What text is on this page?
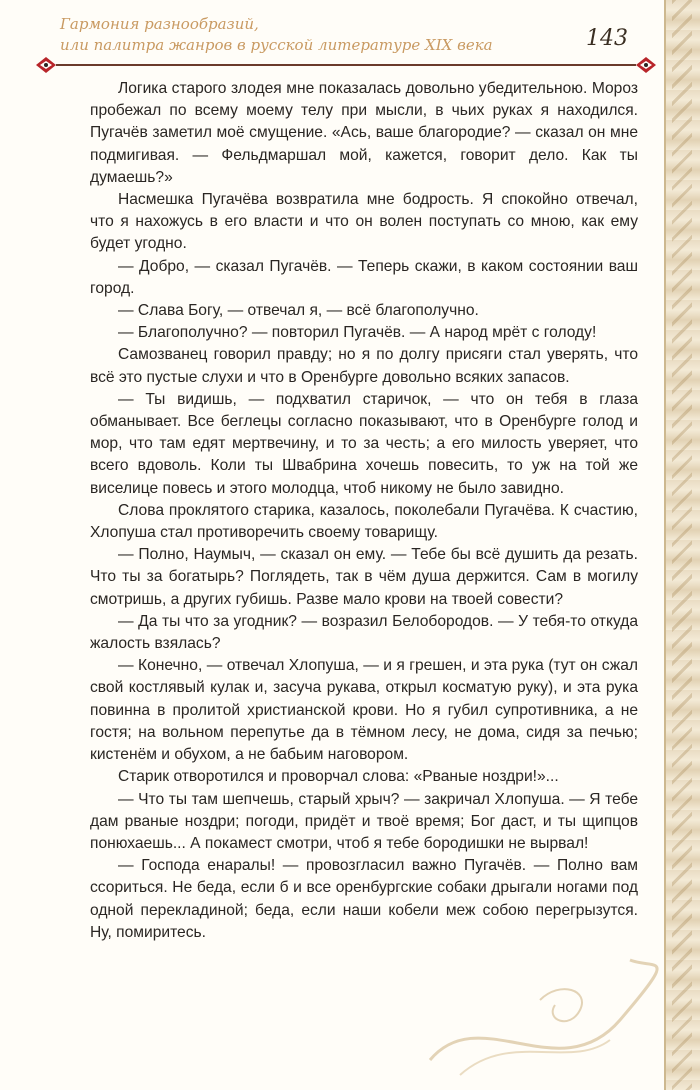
Гармония разнообразий,
или палитра жанров в русской литературе XIX века	143

Логика старого злодея мне показалась довольно убедительною. Мороз пробежал по всему моему телу при мысли, в чьих руках я находился. Пугачёв заметил моё смущение. «Ась, ваше благородие? — сказал он мне подмигивая. — Фельдмаршал мой, кажется, говорит дело. Как ты думаешь?»

Насмешка Пугачёва возвратила мне бодрость. Я спокойно отвечал, что я нахожусь в его власти и что он волен поступать со мною, как ему будет угодно.

— Добро, — сказал Пугачёв. — Теперь скажи, в каком состоянии ваш город.

— Слава Богу, — отвечал я, — всё благополучно.

— Благополучно? — повторил Пугачёв. — А народ мрёт с голоду!

Самозванец говорил правду; но я по долгу присяги стал уверять, что всё это пустые слухи и что в Оренбурге довольно всяких запасов.

— Ты видишь, — подхватил старичок, — что он тебя в глаза обманывает. Все беглецы согласно показывают, что в Оренбурге голод и мор, что там едят мертвечину, и то за честь; а его милость уверяет, что всего вдоволь. Коли ты Швабрина хочешь повесить, то уж на той же виселице повесь и этого молодца, чтоб никому не было завидно.

Слова проклятого старика, казалось, поколебали Пугачёва. К счастию, Хлопуша стал противоречить своему товарищу.

— Полно, Наумыч, — сказал он ему. — Тебе бы всё душить да резать. Что ты за богатырь? Поглядеть, так в чём душа держится. Сам в могилу смотришь, а других губишь. Разве мало крови на твоей совести?

— Да ты что за угодник? — возразил Белобородов. — У тебя-то откуда жалость взялась?

— Конечно, — отвечал Хлопуша, — и я грешен, и эта рука (тут он сжал свой костлявый кулак и, засуча рукава, открыл косматую руку), и эта рука повинна в пролитой христианской крови. Но я губил супротивника, а не гостя; на вольном перепутье да в тёмном лесу, не дома, сидя за печью; кистенём и обухом, а не бабьим наговором.

Старик отворотился и проворчал слова: «Рваные ноздри!»...

— Что ты там шепчешь, старый хрыч? — закричал Хлопуша. — Я тебе дам рваные ноздри; погоди, придёт и твоё время; Бог даст, и ты щипцов понюхаешь... А покамест смотри, чтоб я тебе бородишки не вырвал!

— Господа енаралы! — провозгласил важно Пугачёв. — Полно вам ссориться. Не беда, если б и все оренбургские собаки дрыгали ногами под одной перекладиной; беда, если наши кобели меж собою перегрызутся. Ну, помиритесь.
